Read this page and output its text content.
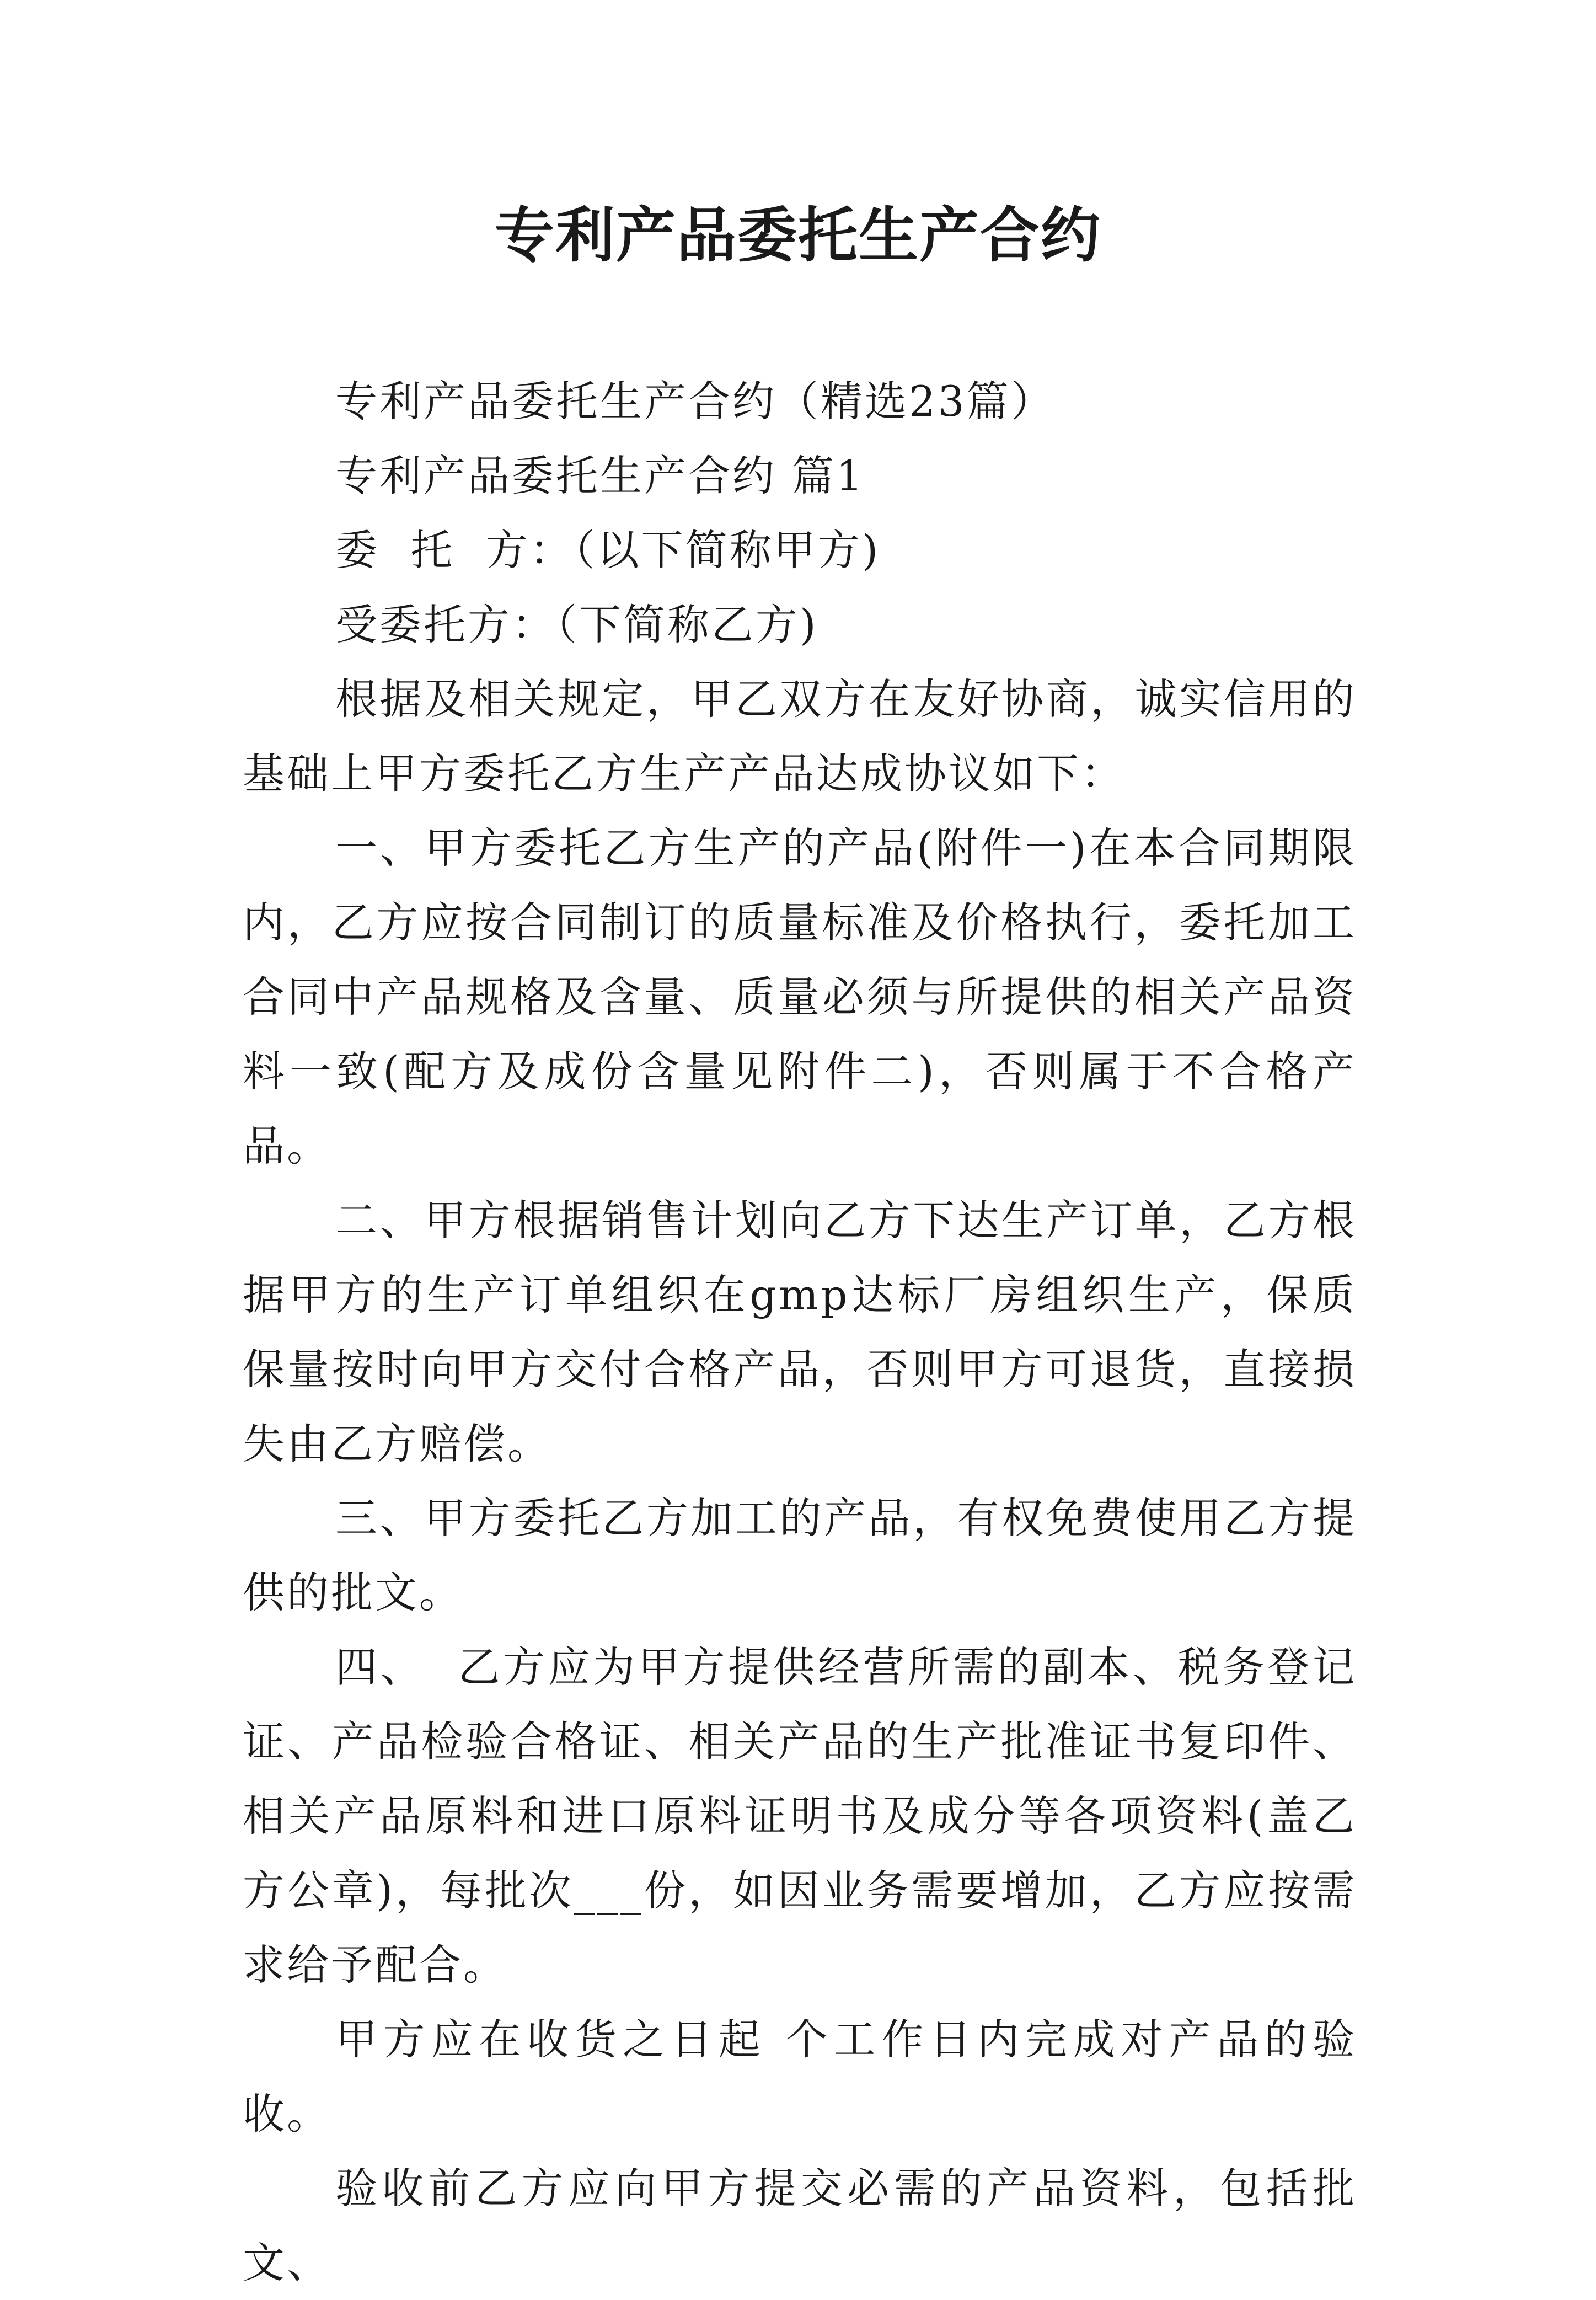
专利产品委托生产合约

专利产品委托生产合约（精选23篇）

专利产品委托生产合约 篇1

委  托  方：（以下简称甲方)

受委托方：（下简称乙方)

根据及相关规定，甲乙双方在友好协商，诚实信用的基础上甲方委托乙方生产产品达成协议如下：

一、甲方委托乙方生产的产品(附件一)在本合同期限内，乙方应按合同制订的质量标准及价格执行，委托加工合同中产品规格及含量、质量必须与所提供的相关产品资料一致(配方及成份含量见附件二)，否则属于不合格产品。

二、甲方根据销售计划向乙方下达生产订单，乙方根据甲方的生产订单组织在gmp达标厂房组织生产，保质保量按时向甲方交付合格产品，否则甲方可退货，直接损失由乙方赔偿。

三、甲方委托乙方加工的产品，有权免费使用乙方提供的批文。

四、  乙方应为甲方提供经营所需的副本、税务登记证、产品检验合格证、相关产品的生产批准证书复印件、相关产品原料和进口原料证明书及成分等各项资料(盖乙方公章)，每批次___份，如因业务需要增加，乙方应按需求给予配合。

甲方应在收货之日起 个工作日内完成对产品的验收。

验收前乙方应向甲方提交必需的产品资料，包括批文、
